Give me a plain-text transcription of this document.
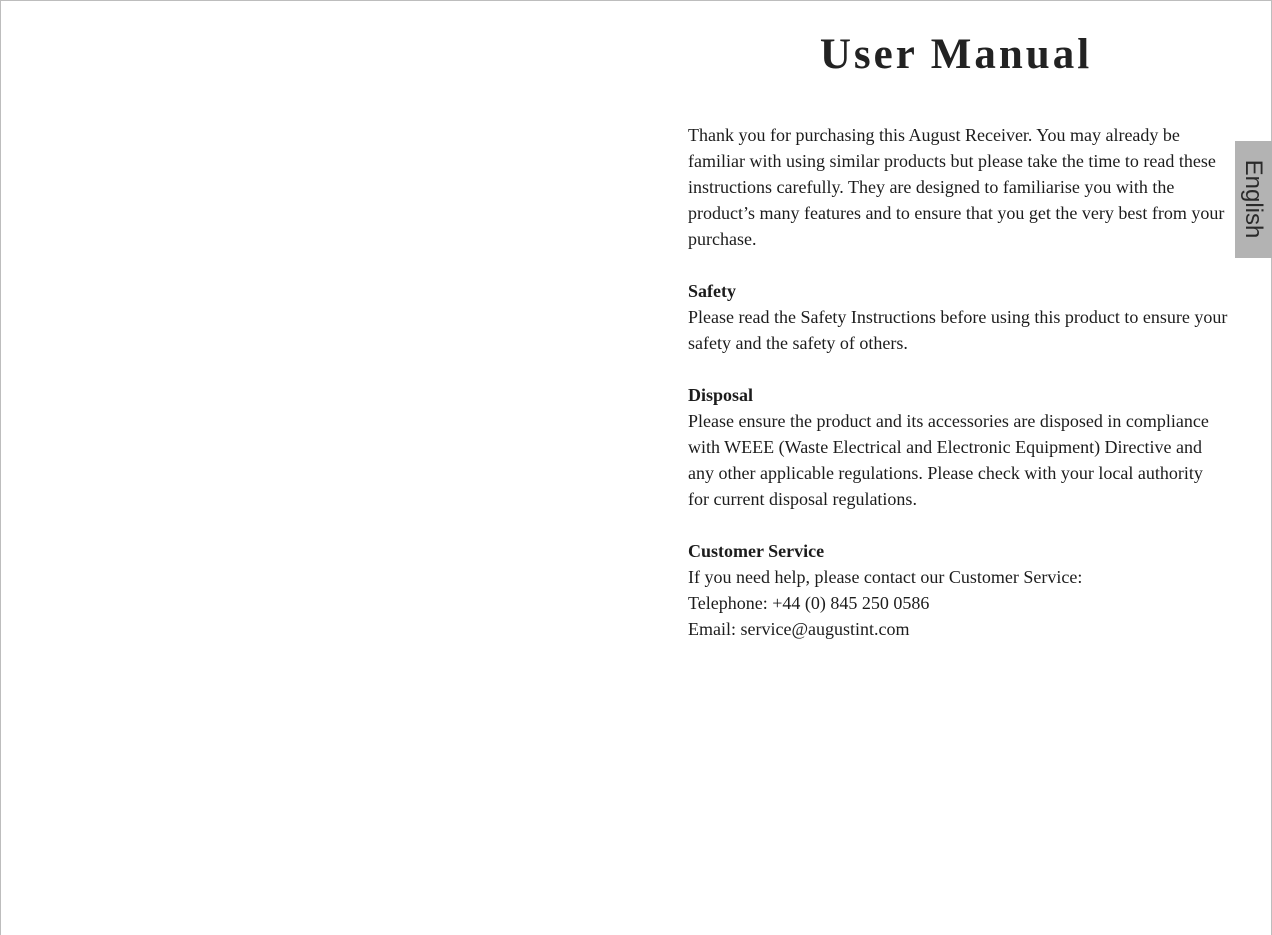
User Manual

Thank you for purchasing this August Receiver. You may already be familiar with using similar products but please take the time to read these instructions carefully. They are designed to familiarise you with the product’s many features and to ensure that you get the very best from your purchase.

Safety
Please read the Safety Instructions before using this product to ensure your safety and the safety of others.
Disposal
Please ensure the product and its accessories are disposed in compliance with WEEE (Waste Electrical and Electronic Equipment) Directive and any other applicable regulations. Please check with your local authority for current disposal regulations.
Customer Service
If you need help, please contact our Customer Service:
Telephone: +44 (0) 845 250 0586
Email: service@augustint.com
English
